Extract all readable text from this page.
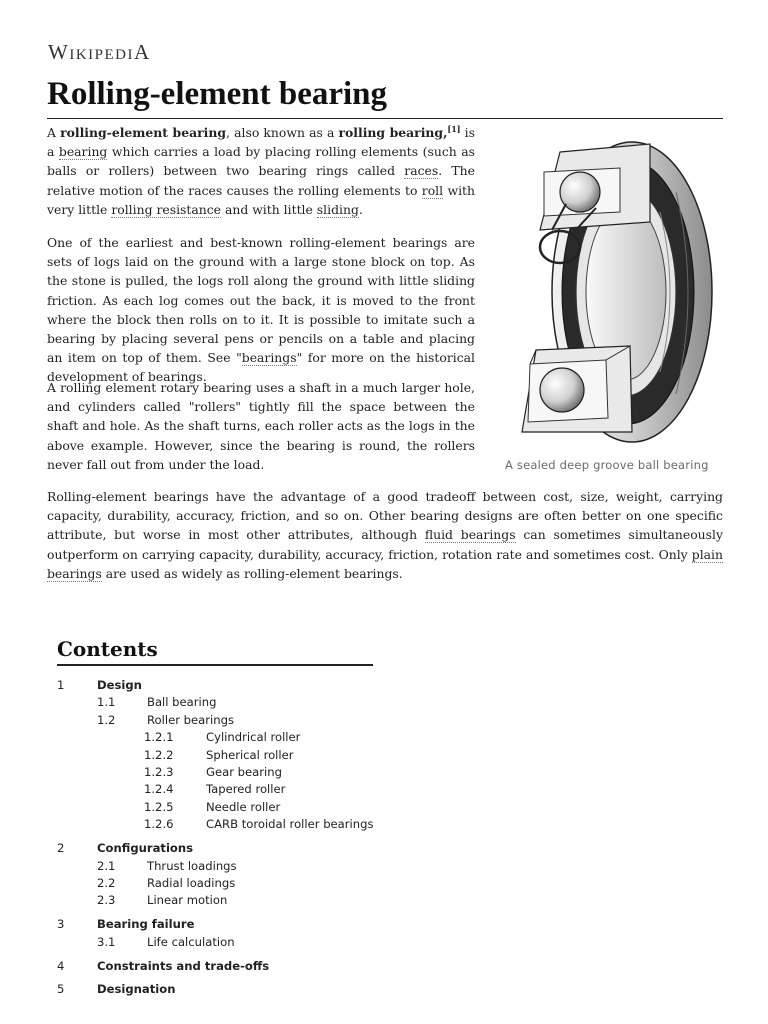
WIKIPEDIA
Rolling-element bearing

A rolling-element bearing, also known as a rolling bearing,[1] is a bearing which carries a load by placing rolling elements (such as balls or rollers) between two bearing rings called races. The relative motion of the races causes the rolling elements to roll with very little rolling resistance and with little sliding.

One of the earliest and best-known rolling-element bearings are sets of logs laid on the ground with a large stone block on top. As the stone is pulled, the logs roll along the ground with little sliding friction. As each log comes out the back, it is moved to the front where the block then rolls on to it. It is possible to imitate such a bearing by placing several pens or pencils on a table and placing an item on top of them. See "bearings" for more on the historical development of bearings.

A rolling element rotary bearing uses a shaft in a much larger hole, and cylinders called "rollers" tightly fill the space between the shaft and hole. As the shaft turns, each roller acts as the logs in the above example. However, since the bearing is round, the rollers never fall out from under the load.

Rolling-element bearings have the advantage of a good tradeoff between cost, size, weight, carrying capacity, durability, accuracy, friction, and so on. Other bearing designs are often better on one specific attribute, but worse in most other attributes, although fluid bearings can sometimes simultaneously outperform on carrying capacity, durability, accuracy, friction, rotation rate and sometimes cost. Only plain bearings are used as widely as rolling-element bearings.

A sealed deep groove ball bearing
Contents
1	Design
1.1	Ball bearing
1.2	Roller bearings
1.2.1	Cylindrical roller
1.2.2	Spherical roller
1.2.3	Gear bearing
1.2.4	Tapered roller
1.2.5	Needle roller
1.2.6	CARB toroidal roller bearings
2	Configurations
2.1	Thrust loadings
2.2	Radial loadings
2.3	Linear motion
3	Bearing failure
3.1	Life calculation
4	Constraints and trade-offs
5	Designation
